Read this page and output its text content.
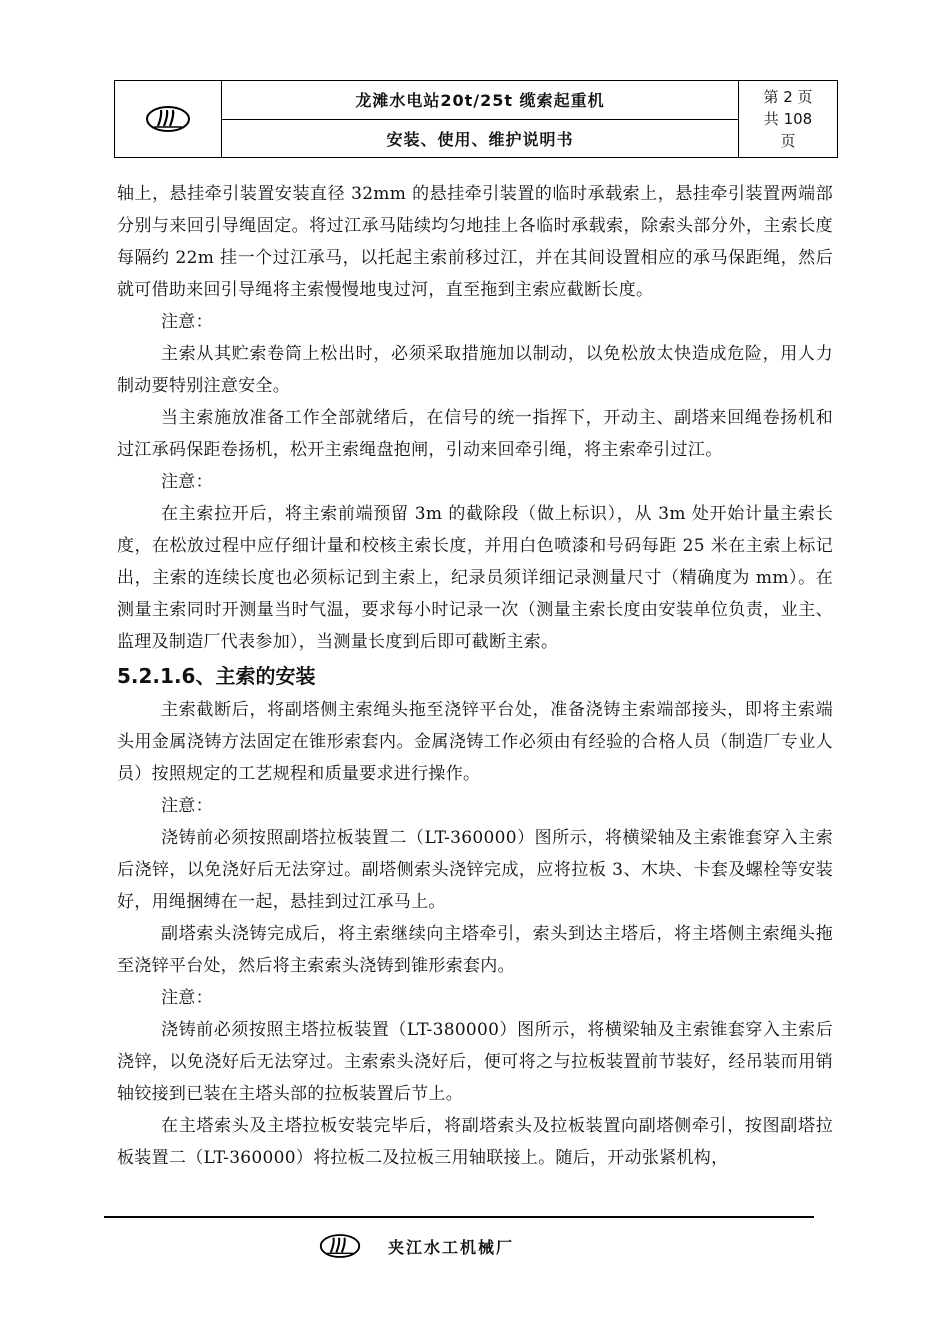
龙滩水电站20t/25t 缆索起重机
安装、使用、维护说明书
第 2 页
共 108
页

轴上，悬挂牵引装置安装直径 32mm 的悬挂牵引装置的临时承载索上，悬挂牵引装置两端部分别与来回引导绳固定。将过江承马陆续均匀地挂上各临时承载索，除索头部分外，主索长度每隔约 22m 挂一个过江承马，以托起主索前移过江，并在其间设置相应的承马保距绳，然后就可借助来回引导绳将主索慢慢地曳过河，直至拖到主索应截断长度。

注意：

主索从其贮索卷筒上松出时，必须采取措施加以制动，以免松放太快造成危险，用人力制动要特别注意安全。

当主索施放准备工作全部就绪后，在信号的统一指挥下，开动主、副塔来回绳卷扬机和过江承码保距卷扬机，松开主索绳盘抱闸，引动来回牵引绳，将主索牵引过江。

注意：

在主索拉开后，将主索前端预留 3m 的截除段（做上标识），从 3m 处开始计量主索长度，在松放过程中应仔细计量和校核主索长度，并用白色喷漆和号码每距 25 米在主索上标记出，主索的连续长度也必须标记到主索上，纪录员须详细记录测量尺寸（精确度为 mm）。在测量主索同时开测量当时气温，要求每小时记录一次（测量主索长度由安装单位负责，业主、监理及制造厂代表参加），当测量长度到后即可截断主索。

5.2.1.6、主索的安装

主索截断后，将副塔侧主索绳头拖至浇锌平台处，准备浇铸主索端部接头，即将主索端头用金属浇铸方法固定在锥形索套内。金属浇铸工作必须由有经验的合格人员（制造厂专业人员）按照规定的工艺规程和质量要求进行操作。

注意：

浇铸前必须按照副塔拉板装置二（LT-360000）图所示，将横梁轴及主索锥套穿入主索后浇锌，以免浇好后无法穿过。副塔侧索头浇锌完成，应将拉板 3、木块、卡套及螺栓等安装好，用绳捆缚在一起，悬挂到过江承马上。

副塔索头浇铸完成后，将主索继续向主塔牵引，索头到达主塔后，将主塔侧主索绳头拖至浇锌平台处，然后将主索索头浇铸到锥形索套内。

注意：

浇铸前必须按照主塔拉板装置（LT-380000）图所示，将横梁轴及主索锥套穿入主索后浇锌，以免浇好后无法穿过。主索索头浇好后，便可将之与拉板装置前节装好，经吊装而用销轴铰接到已装在主塔头部的拉板装置后节上。

在主塔索头及主塔拉板安装完毕后，将副塔索头及拉板装置向副塔侧牵引，按图副塔拉板装置二（LT-360000）将拉板二及拉板三用轴联接上。随后，开动张紧机构，

夹江水工机械厂
